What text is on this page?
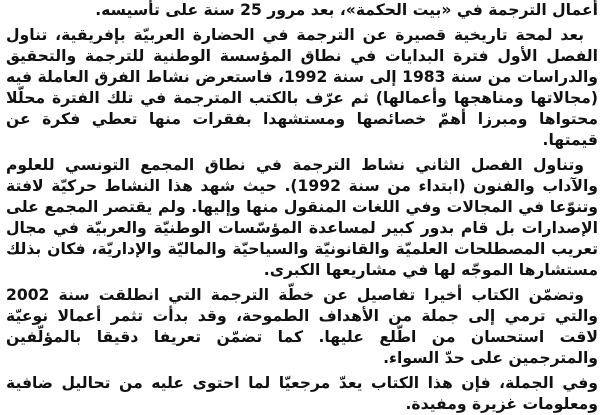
أعمال الترجمة في «بيت الحكمة»، بعد مرور 25 سنة على تأسيسه.

بعد لمحة تاريخية قصيرة عن الترجمة في الحضارة العربيّة بإفريقية، تناول الفصل الأول فترة البدايات في نطاق المؤسسة الوطنية للترجمة والتحقيق والدراسات من سنة 1983 إلى سنة 1992، فاستعرض نشاط الفرق العاملة فيه (مجالاتها ومناهجها وأعمالها) ثم عرّف بالكتب المترجمة في تلك الفترة محلّلا محتواها ومبرزا أهمّ خصائصها ومستشهدا بفقرات منها تعطي فكرة عن قيمتها.

وتناول الفصل الثاني نشاط الترجمة في نطاق المجمع التونسي للعلوم والآداب والفنون (ابتداء من سنة 1992). حيث شهد هذا النشاط حركيّة لافتة وتنوّعا في المجالات وفي اللغات المنقول منها وإليها. ولم يقتصر المجمع على الإصدارات بل قام بدور كبير لمساعدة المؤسّسات الوطنيّة والعربيّة في مجال تعريب المصطلحات العلميّة والقانونيّة والسياحيّة والماليّة والإداريّة، فكان بذلك مستشارها الموجّه لها في مشاريعها الكبرى.

وتضمّن الكتاب أخيرا تفاصيل عن خطّة الترجمة التي انطلقت سنة 2002 والتي ترمي إلى جملة من الأهداف الطموحة، وقد بدأت تثمر أعمالا نوعيّة لاقت استحسان من اطّلع عليها. كما تضمّن تعريفا دقيقا بالمؤلّفين والمترجمين على حدّ السواء.

وفي الجملة، فإن هذا الكتاب يعدّ مرجعيّا لما احتوى عليه من تحاليل ضافية ومعلومات غزيرة ومفيدة.
